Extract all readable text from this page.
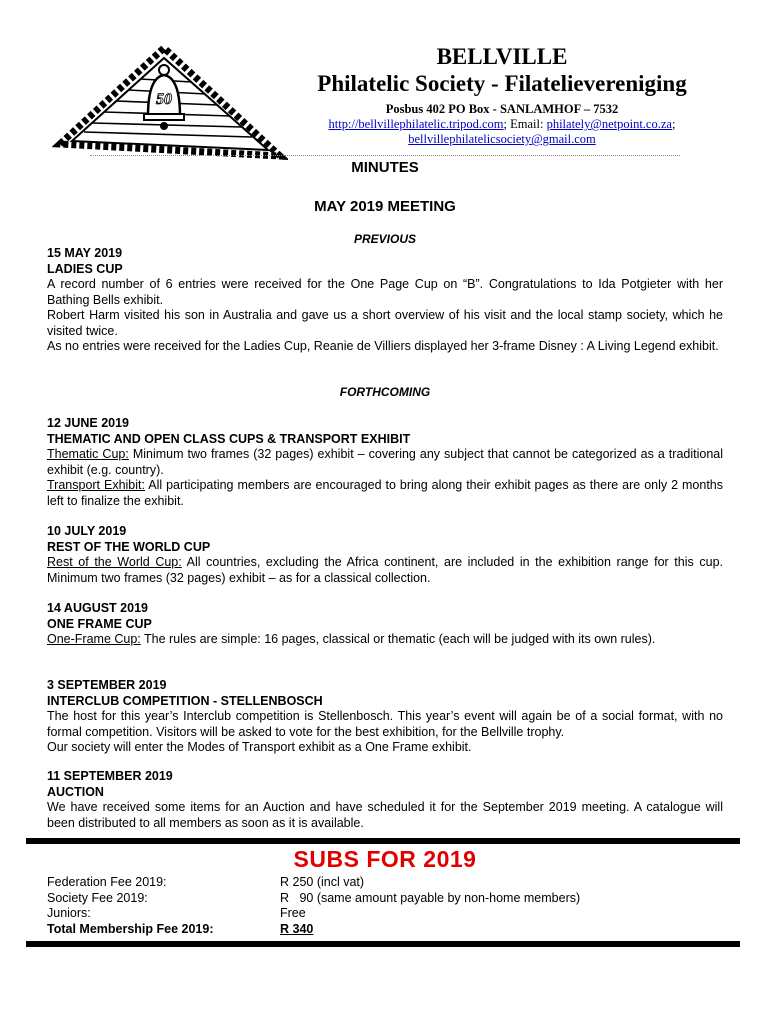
50
BELLVILLE
Philatelic Society - Filatelievereniging
Posbus 402 PO Box - SANLAMHOF – 7532
http://bellvillephilatelic.tripod.com; Email: philately@netpoint.co.za;
bellvillephilatelicsociety@gmail.com
MINUTES
MAY 2019 MEETING
PREVIOUS
15 MAY 2019
LADIES CUP

A record number of 6 entries were received for the One Page Cup on “B”. Congratulations to Ida Potgieter with her Bathing Bells exhibit.

Robert Harm visited his son in Australia and gave us a short overview of his visit and the local stamp society, which he visited twice.

As no entries were received for the Ladies Cup, Reanie de Villiers displayed her 3-frame Disney : A Living Legend exhibit.

FORTHCOMING
12 JUNE 2019
THEMATIC AND OPEN CLASS CUPS & TRANSPORT EXHIBIT

Thematic Cup: Minimum two frames (32 pages) exhibit – covering any subject that cannot be categorized as a traditional exhibit (e.g. country).

Transport Exhibit: All participating members are encouraged to bring along their exhibit pages as there are only 2 months left to finalize the exhibit.

10 JULY 2019
REST OF THE WORLD CUP

Rest of the World Cup: All countries, excluding the Africa continent, are included in the exhibition range for this cup. Minimum two frames (32 pages) exhibit – as for a classical collection.

14 AUGUST 2019
ONE FRAME CUP

One-Frame Cup: The rules are simple: 16 pages, classical or thematic (each will be judged with its own rules).

3 SEPTEMBER 2019
INTERCLUB COMPETITION - STELLENBOSCH

The host for this year’s Interclub competition is Stellenbosch. This year’s event will again be of a social format, with no formal competition. Visitors will be asked to vote for the best exhibition, for the Bellville trophy.

Our society will enter the Modes of Transport exhibit as a One Frame exhibit.

11 SEPTEMBER 2019
AUCTION

We have received some items for an Auction and have scheduled it for the September 2019 meeting. A catalogue will been distributed to all members as soon as it is available.

SUBS FOR 2019
Federation Fee 2019:	R 250 (incl vat)
Society Fee 2019:	R   90 (same amount payable by non-home members)
Juniors:	Free
Total Membership Fee 2019:	R 340
